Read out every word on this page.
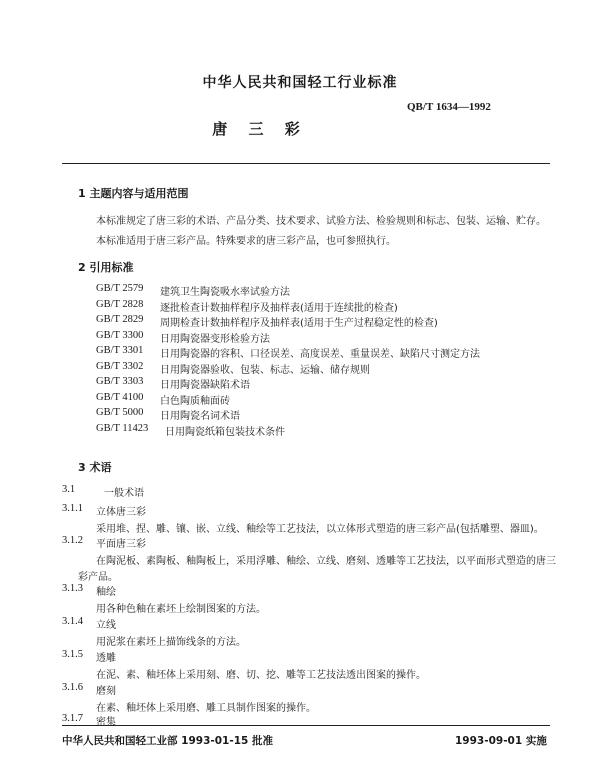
中华人民共和国轻工行业标准
QB/T 1634—1992
唐 三 彩
1 主题内容与适用范围
本标准规定了唐三彩的术语、产品分类、技术要求、试验方法、检验规则和标志、包装、运输、贮存。
本标准适用于唐三彩产品。特殊要求的唐三彩产品，也可参照执行。
2 引用标准
GB/T 2579 建筑卫生陶瓷吸水率试验方法
GB/T 2828 逐批检查计数抽样程序及抽样表(适用于连续批的检查)
GB/T 2829 周期检查计数抽样程序及抽样表(适用于生产过程稳定性的检查)
GB/T 3300 日用陶瓷器变形检验方法
GB/T 3301 日用陶瓷器的容积、口径误差、高度误差、重量误差、缺陷尺寸测定方法
GB/T 3302 日用陶瓷器验收、包装、标志、运输、储存规则
GB/T 3303 日用陶瓷器缺陷术语
GB/T 4100 白色陶质釉面砖
GB/T 5000 日用陶瓷名词术语
GB/T 11423 日用陶瓷纸箱包装技术条件
3 术语
3.1	一般术语
3.1.1 立体唐三彩
采用堆、捏、雕、镶、嵌、立线、釉绘等工艺技法，以立体形式塑造的唐三彩产品(包括雕塑、器皿)。
3.1.2 平面唐三彩
在陶泥板、素陶板、釉陶板上，采用浮雕、釉绘、立线、磨刻、透雕等工艺技法，以平面形式塑造的唐三
彩产品。
3.1.3 釉绘
用各种色釉在素坯上绘制图案的方法。
3.1.4 立线
用泥浆在素坯上描饰线条的方法。
3.1.5 透雕
在泥、素、釉坯体上采用刻、磨、切、挖、雕等工艺技法透出图案的操作。
3.1.6 磨刻
在素、釉坯体上采用磨、雕工具制作图案的操作。
3.1.7 密集
中华人民共和国轻工业部 1993-01-15 批准	1993-09-01 实施
